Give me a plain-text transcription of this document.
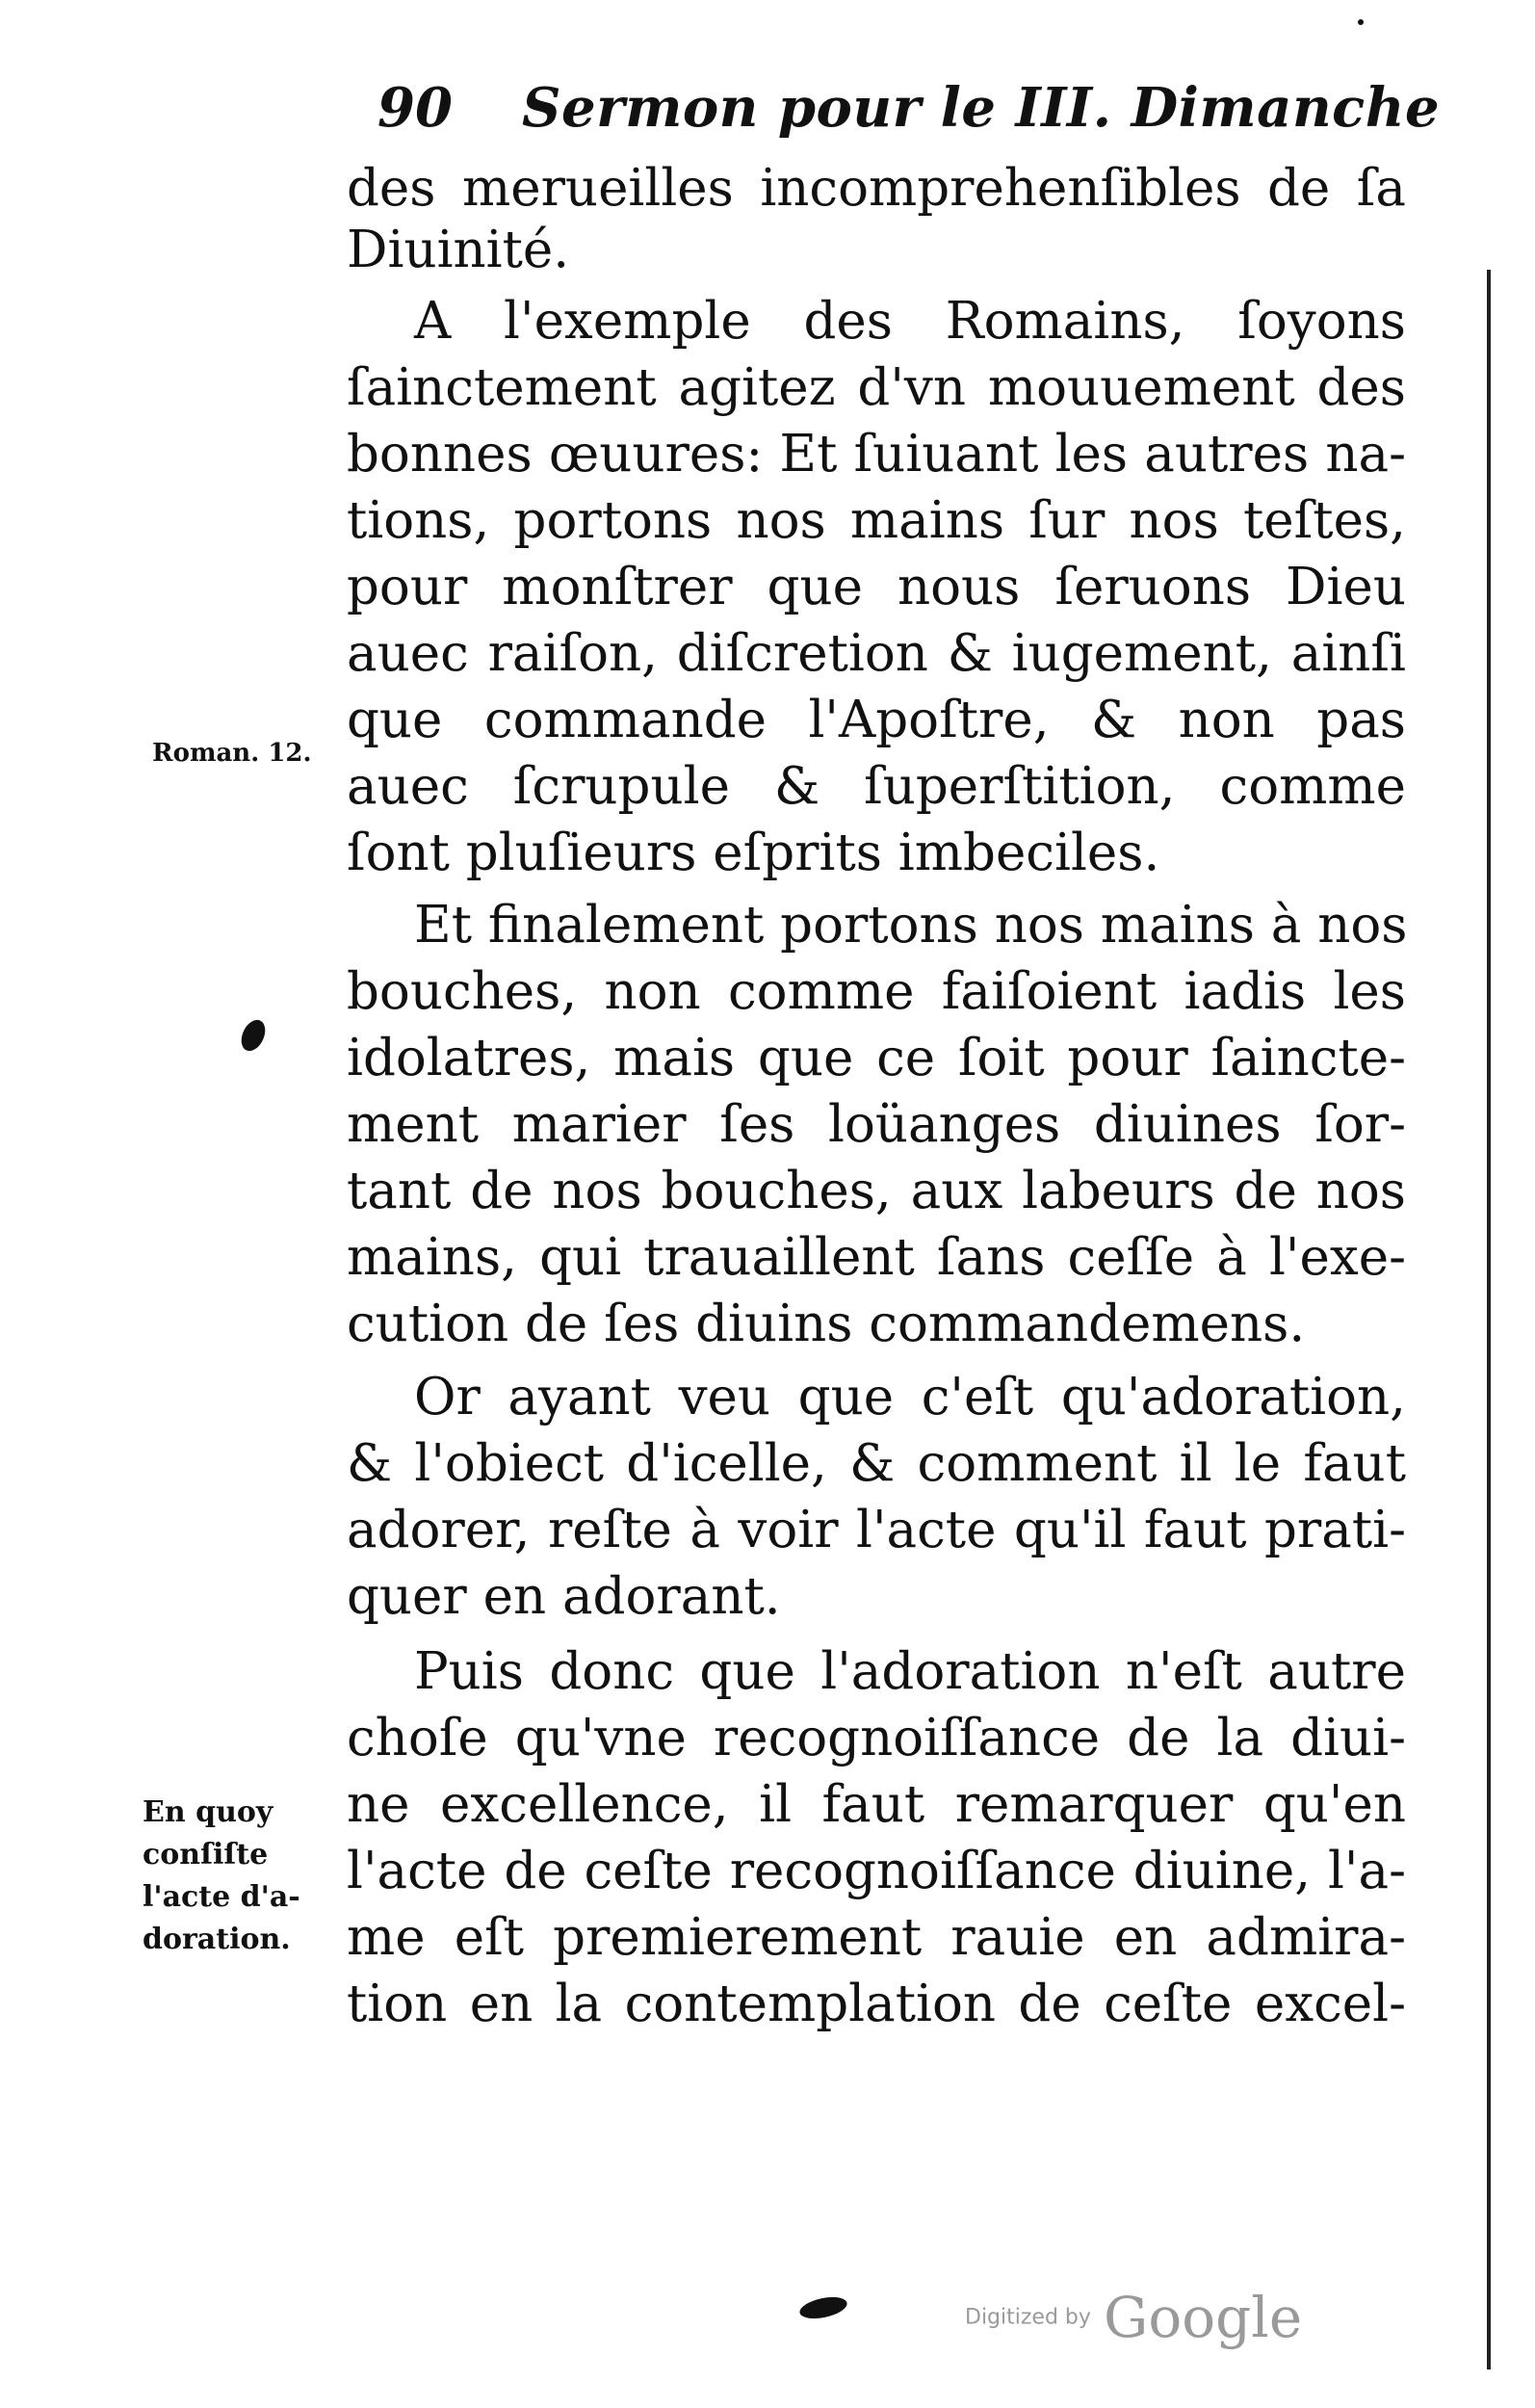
90 Sermon pour le III. Dimanche
des merueilles incomprehenſibles de ſa
Diuinité.
A l'exemple des Romains, ſoyons
ſainctement agitez d'vn mouuement des
bonnes œuures: Et ſuiuant les autres na-
tions, portons nos mains ſur nos teſtes,
pour monſtrer que nous ſeruons Dieu
auec raiſon, diſcretion & iugement, ainſi
que commande l'Apoſtre, & non pas
auec ſcrupule & ſuperſtition, comme
ſont pluſieurs eſprits imbeciles.
Et finalement portons nos mains à nos
bouches, non comme faiſoient iadis les
idolatres, mais que ce ſoit pour ſaincte-
ment marier ſes loüanges diuines ſor-
tant de nos bouches, aux labeurs de nos
mains, qui trauaillent ſans ceſſe à l'exe-
cution de ſes diuins commandemens.
Or ayant veu que c'eſt qu'adoration,
& l'obiect d'icelle, & comment il le faut
adorer, reſte à voir l'acte qu'il faut prati-
quer en adorant.
Puis donc que l'adoration n'eſt autre
choſe qu'vne recognoiſſance de la diui-
ne excellence, il faut remarquer qu'en
l'acte de ceſte recognoiſſance diuine, l'a-
me eſt premierement rauie en admira-
tion en la contemplation de ceſte excel-
Roman. 12.
En quoy
conſiſte
l'acte d'a-
doration.
Digitized by Google
